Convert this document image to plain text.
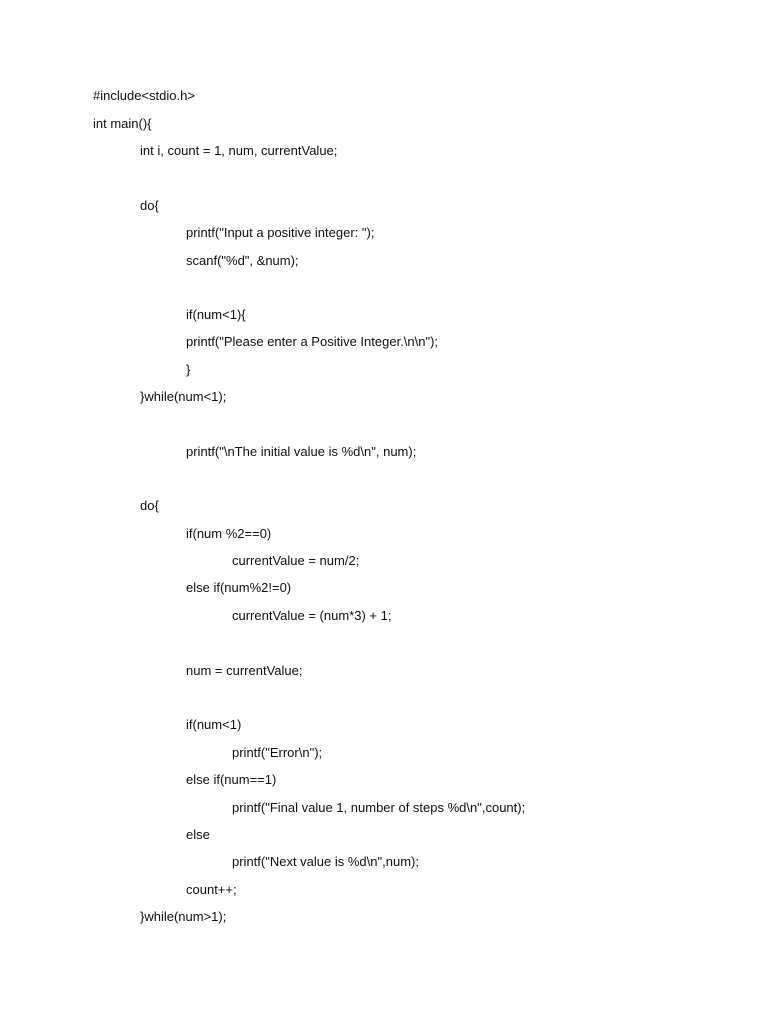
#include<stdio.h>
int main(){
int i, count = 1, num, currentValue;
do{
printf("Input a positive integer: ");
scanf("%d", &num);
if(num<1){
printf("Please enter a Positive Integer.\n\n");
}
}while(num<1);
printf("\nThe initial value is %d\n", num);
do{
if(num %2==0)
currentValue = num/2;
else if(num%2!=0)
currentValue = (num*3) + 1;
num = currentValue;
if(num<1)
printf("Error\n");
else if(num==1)
printf("Final value 1, number of steps %d\n",count);
else
printf("Next value is %d\n",num);
count++;
}while(num>1);
